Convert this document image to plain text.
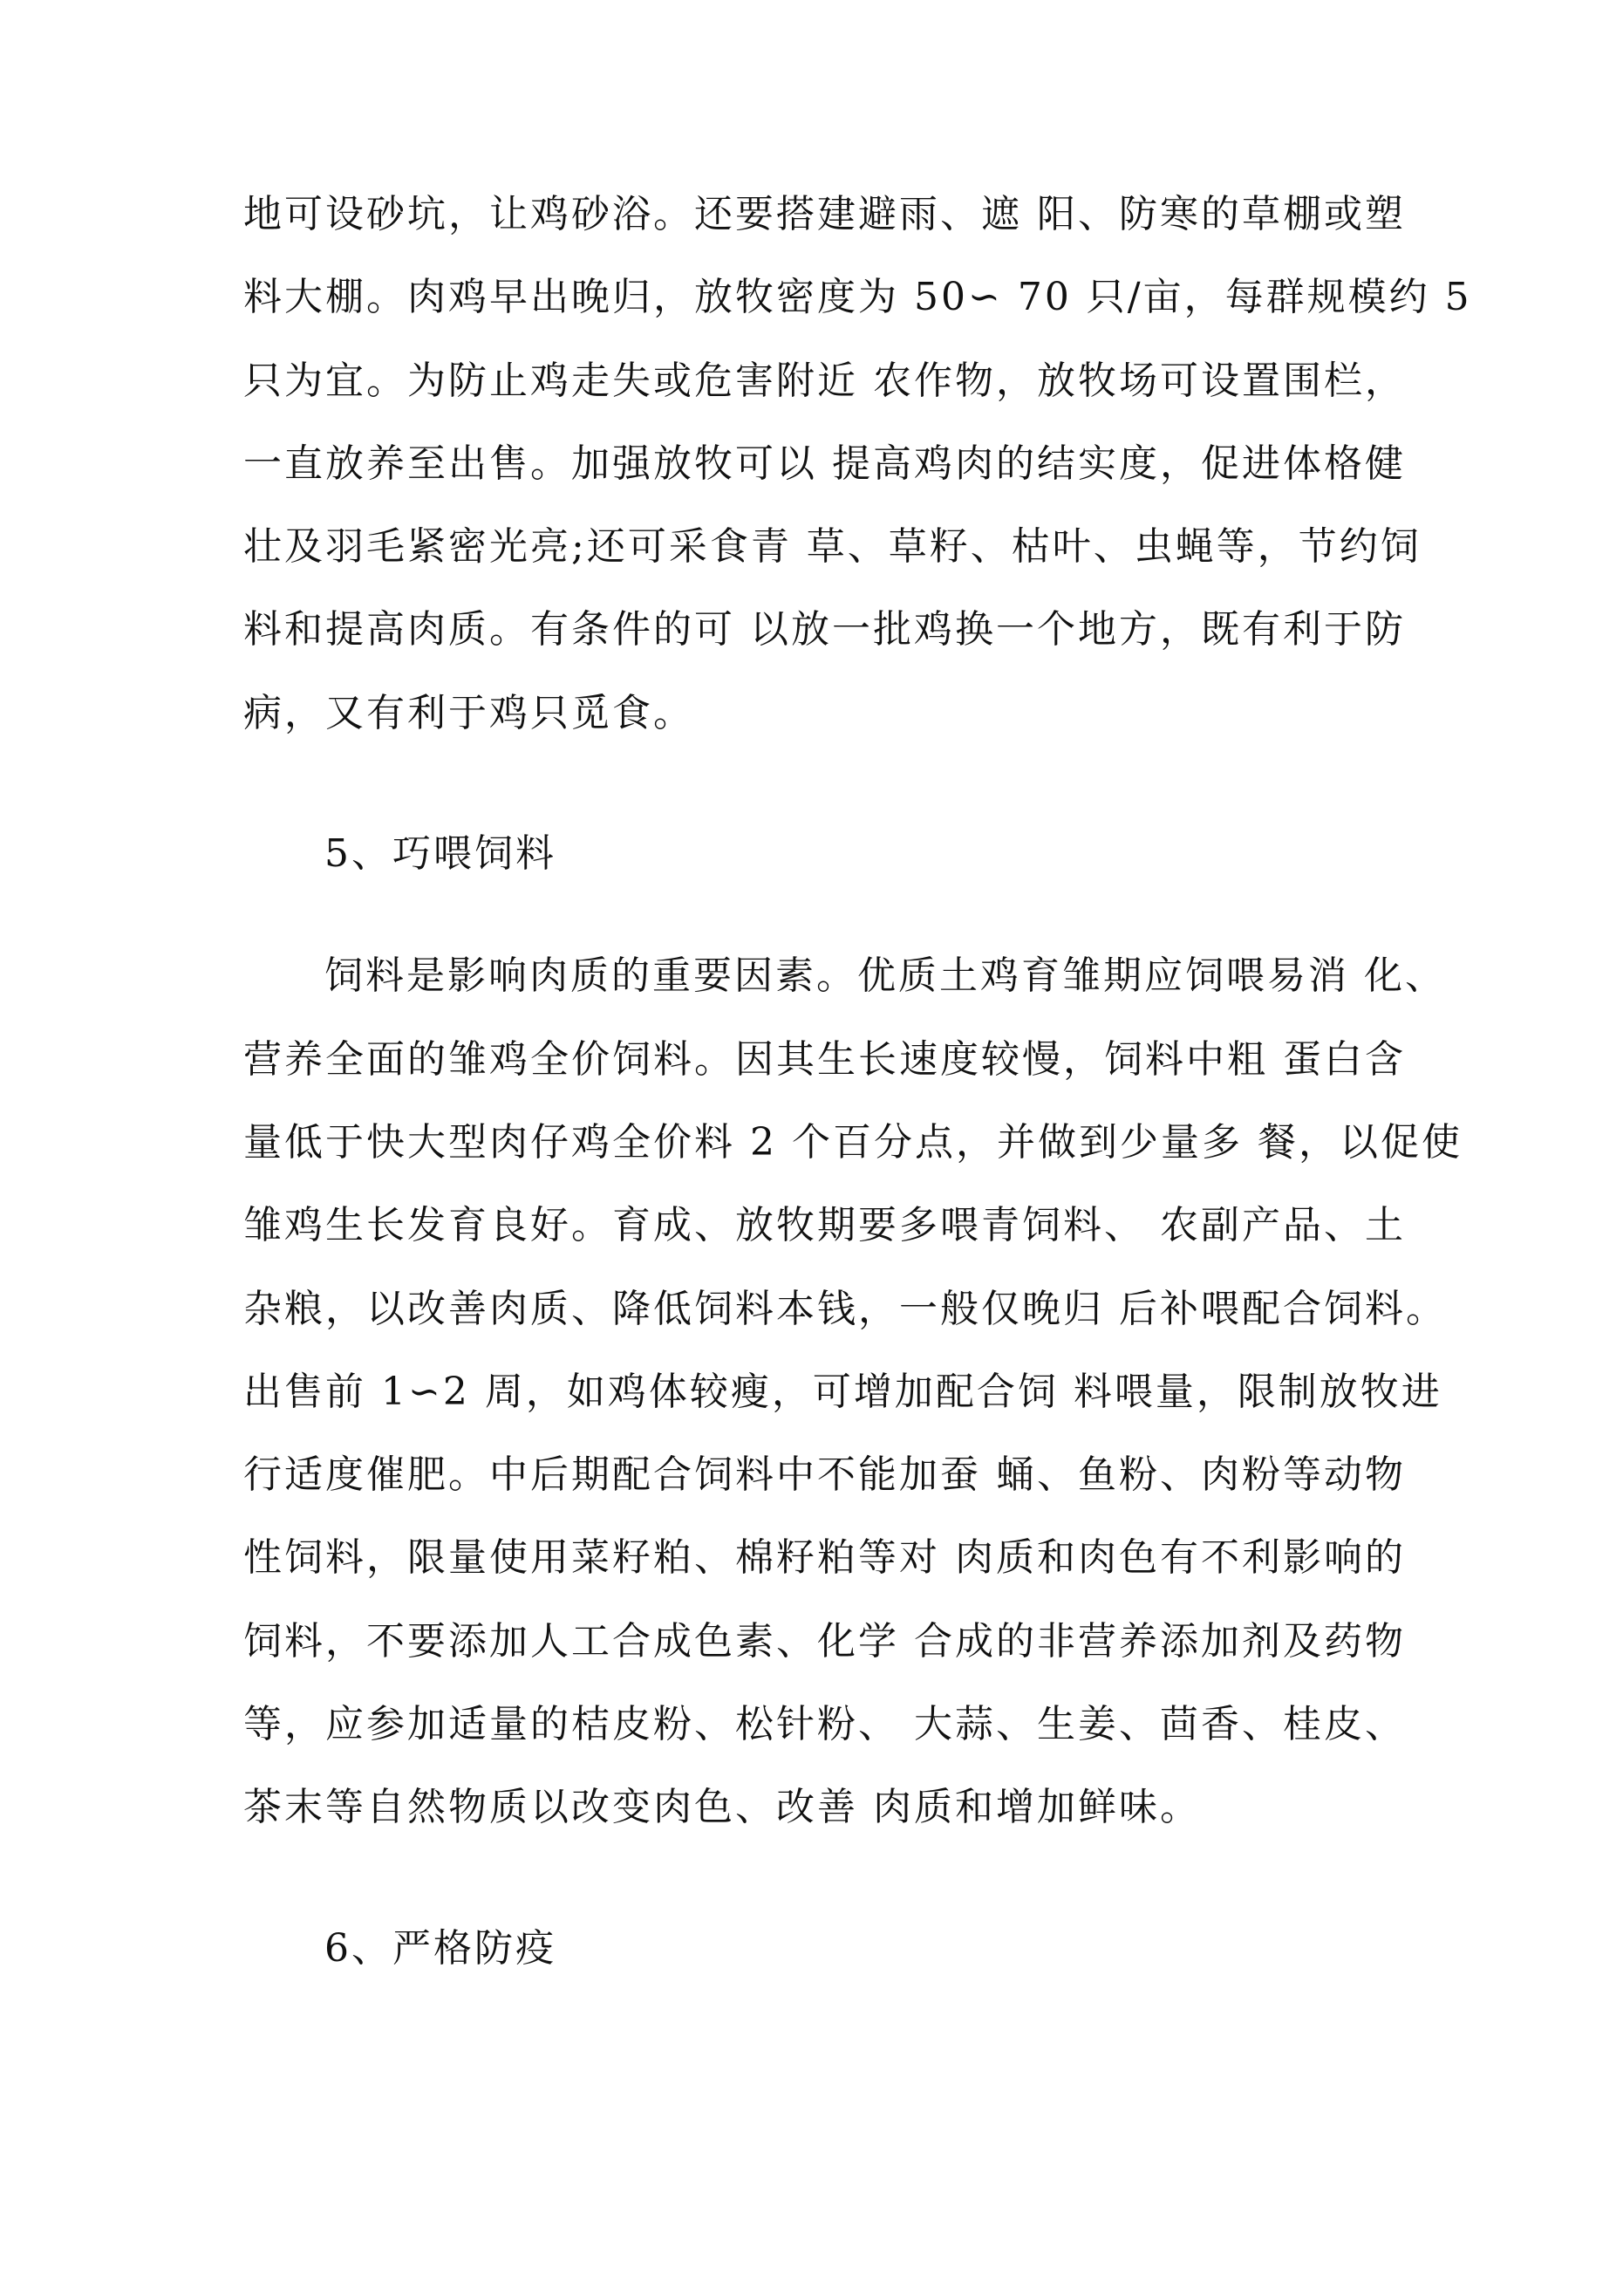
地可设砂坑，让鸡砂浴。还要搭建避雨、遮 阳、防寒的草棚或塑
料大棚。肉鸡早出晚归，放牧密度为 50∽ 70 只/亩，每群规模约 5
只为宜。为防止鸡走失或危害附近 农作物，放牧场可设置围栏，
一直放养至出售。加强放牧可以 提高鸡肉的结实度，促进体格健
壮及羽毛紧密光亮;还可采食青 草、草籽、枯叶、虫蝇等，节约饲
料和提高肉质。有条件的可 以放一批鸡换一个地方，既有利于防
病，又有利于鸡只觅食。
5、巧喂饲料
饲料是影响肉质的重要因素。优质土鸡育雏期应饲喂易消 化、
营养全面的雏鸡全价饲料。因其生长速度较慢，饲料中粗 蛋白含
量低于快大型肉仔鸡全价料 2 个百分点，并做到少量多 餐，以促使
雏鸡生长发育良好。育成、放牧期要多喂青饲料、 农副产品、土
杂粮，以改善肉质、降低饲料本钱，一般仅晚归 后补喂配合饲料。
出售前 1∽2 周，如鸡体较瘦，可增加配合饲 料喂量，限制放牧进
行适度催肥。中后期配合饲料中不能加蚕 蛹、鱼粉、肉粉等动物
性饲料，限量使用菜籽粕、棉籽粕等对 肉质和肉色有不利影响的
饲料，不要添加人工合成色素、化学 合成的非营养添加剂及药物
等，应参加适量的桔皮粉、松针粉、 大蒜、生姜、茴香、桂皮、
茶末等自然物质以改变肉色、改善 肉质和增加鲜味。
6、严格防疫
